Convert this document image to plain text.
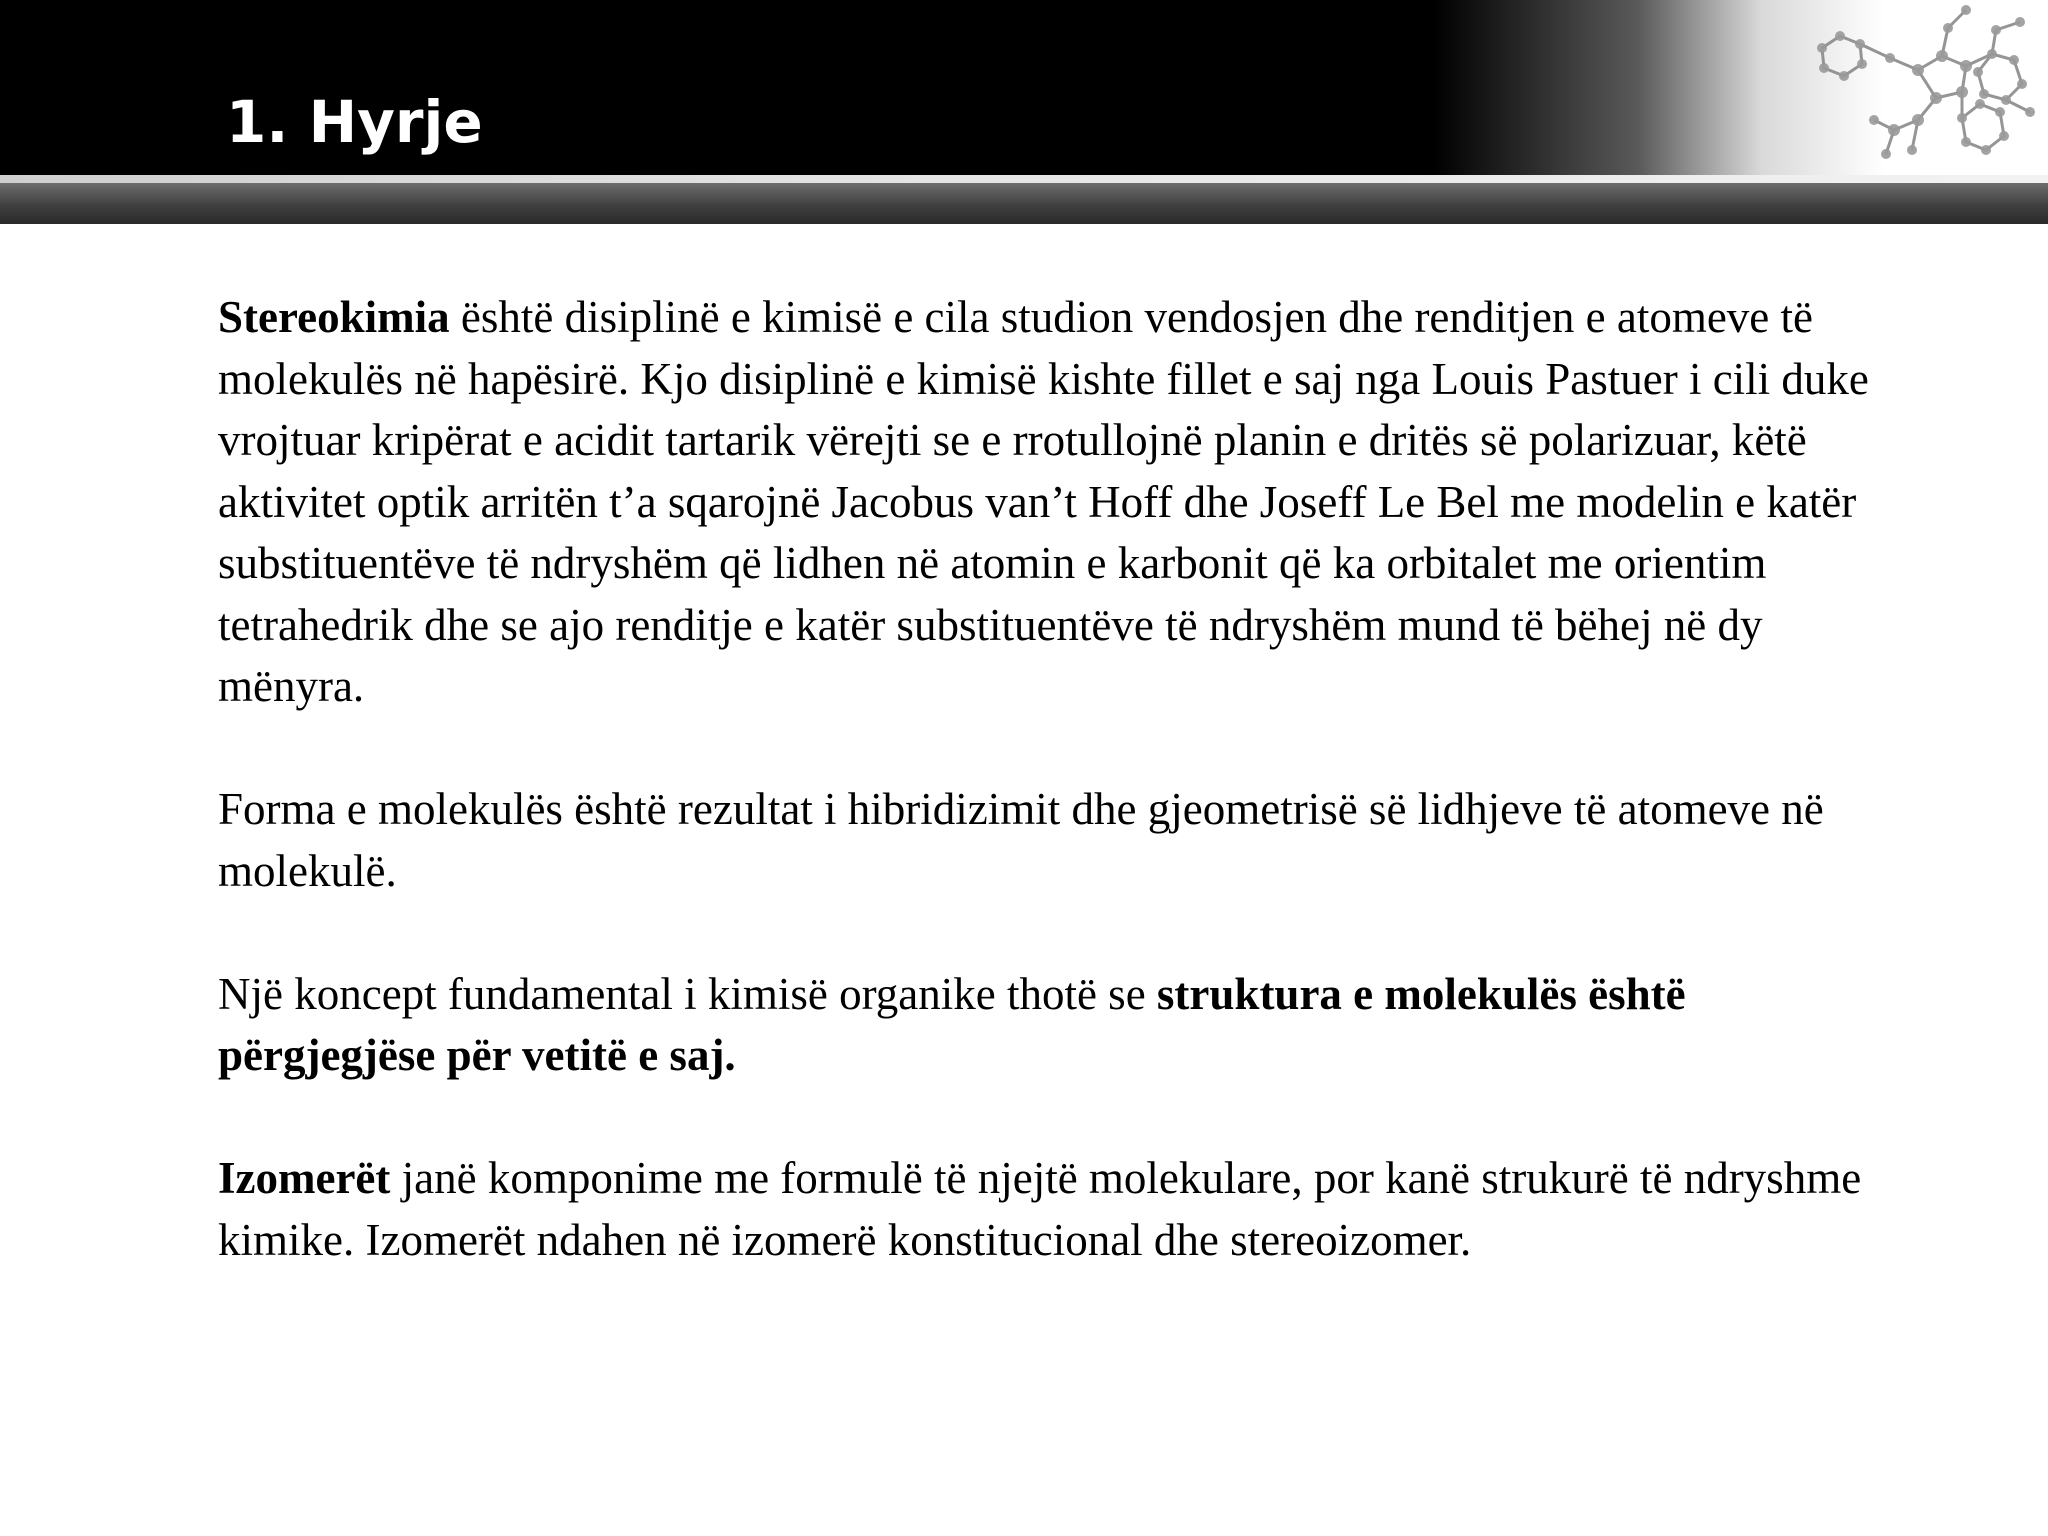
1. Hyrje

Stereokimia është disiplinë e kimisë e cila studion vendosjen dhe renditjen e atomeve të molekulës në hapësirë. Kjo disiplinë e kimisë kishte fillet e saj nga Louis Pastuer i cili duke vrojtuar kripërat e acidit tartarik vërejti se e rrotullojnë planin e dritës së polarizuar, këtë aktivitet optik arritën t’a sqarojnë Jacobus van’t Hoff dhe Joseff Le Bel me modelin e katër substituentëve të ndryshëm që lidhen në atomin e karbonit që ka orbitalet me orientim tetrahedrik dhe se ajo renditje e katër substituentëve të ndryshëm mund të bëhej në dy mënyra.

Forma e molekulës është rezultat i hibridizimit dhe gjeometrisë së lidhjeve të atomeve në molekulë.

Një koncept fundamental i kimisë organike thotë se struktura e molekulës është përgjegjëse për vetitë e saj.

Izomerët janë komponime me formulë të njejtë molekulare, por kanë strukurë të ndryshme kimike. Izomerët ndahen në izomerë konstitucional dhe stereoizomer.
